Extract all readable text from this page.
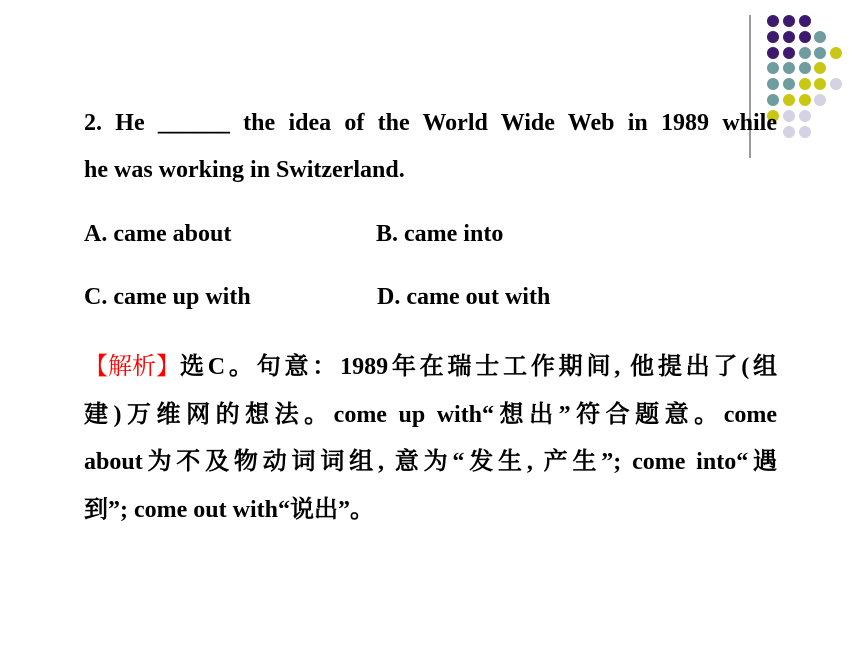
2. He ______ the idea of the World Wide Web in 1989 while
he was working in Switzerland.
A. came about	B. came into
C. came up with	D. came out with
【解析】 选C。句意：1989年在瑞士工作期间, 他提出了(组
建)万维网的想法。come up with“想出”符合题意。come
about为不及物动词词组, 意为“发生, 产生”; come into“遇
到”; come out with“说出”。
